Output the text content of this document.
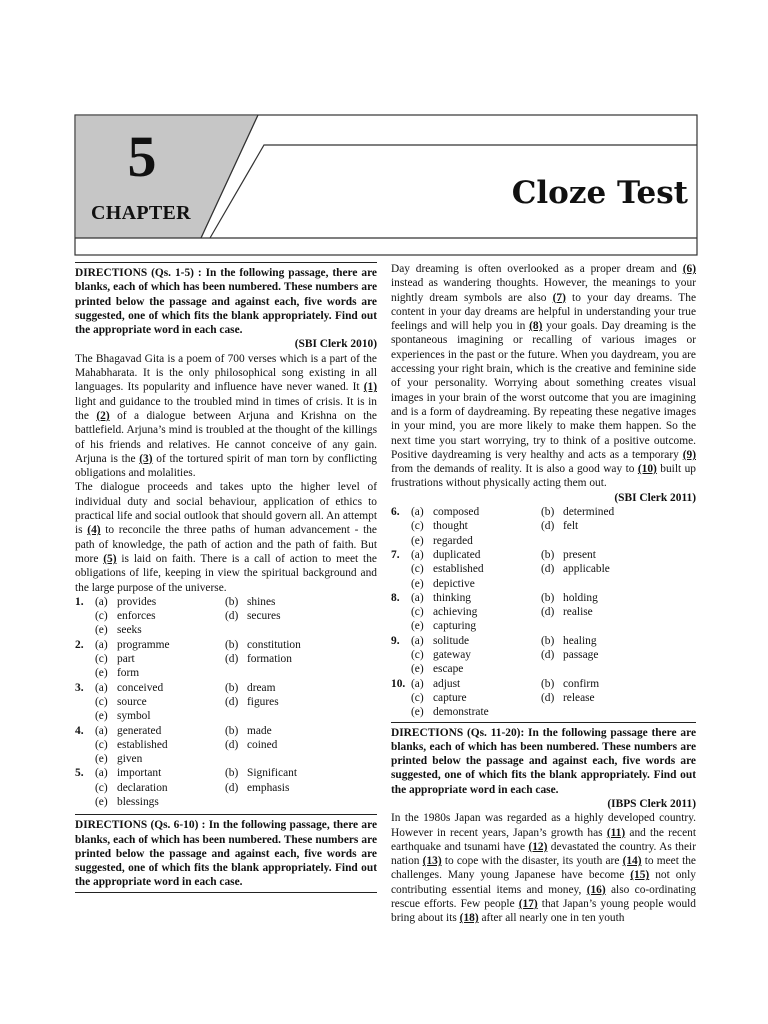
5
CHAPTER
Cloze Test
DIRECTIONS (Qs. 1-5) : In the following passage, there are blanks, each of which has been numbered. These numbers are printed below the passage and against each, five words are suggested, one of which fits the blank appropriately. Find out the appropriate word in each case.
(SBI Clerk 2010)

The Bhagavad Gita is a poem of 700 verses which is a part of the Mahabharata. It is the only philosophical song existing in all languages. Its popularity and influence have never waned. It (1) light and guidance to the troubled mind in times of crisis. It is in the (2) of a dialogue between Arjuna and Krishna on the battlefield. Arjuna’s mind is troubled at the thought of the killings of his friends and relatives. He cannot conceive of any gain. Arjuna is the (3) of the tortured spirit of man torn by conflicting obligations and molalities.

The dialogue proceeds and takes upto the higher level of individual duty and social behaviour, application of ethics to practical life and social outlook that should govern all. An attempt is (4) to reconcile the three paths of human advancement - the path of knowledge, the path of action and the path of faith. But more (5) is laid on faith. There is a call of action to meet the obligations of life, keeping in view the spiritual background and the large purpose of the universe.

1.	(a) provides	(b) shines
(c) enforces	(d) secures
(e) seeks
2.	(a) programme	(b) constitution
(c) part	(d) formation
(e) form
3.	(a) conceived	(b) dream
(c) source	(d) figures
(e) symbol
4.	(a) generated	(b) made
(c) established	(d) coined
(e) given
5.	(a) important	(b) Significant
(c) declaration	(d) emphasis
(e) blessings
DIRECTIONS (Qs. 6-10) : In the following passage, there are blanks, each of which has been numbered. These numbers are printed below the passage and against each, five words are suggested, one of which fits the blank appropriately. Find out the appropriate word in each case.

Day dreaming is often overlooked as a proper dream and (6) instead as wandering thoughts. However, the meanings to your nightly dream symbols are also (7) to your day dreams. The content in your day dreams are helpful in understanding your true feelings and will help you in (8) your goals. Day dreaming is the spontaneous imagining or recalling of various images or experiences in the past or the future. When you daydream, you are accessing your right brain, which is the creative and feminine side of your personality. Worrying about something creates visual images in your brain of the worst outcome that you are imagining and is a form of daydreaming. By repeating these negative images in your mind, you are more likely to make them happen. So the next time you start worrying, try to think of a positive outcome. Positive daydreaming is very healthy and acts as a temporary (9) from the demands of reality. It is also a good way to (10) built up frustrations without physically acting them out.

(SBI Clerk 2011)
6.	(a) composed	(b) determined
(c) thought	(d) felt
(e) regarded
7.	(a) duplicated	(b) present
(c) established	(d) applicable
(e) depictive
8.	(a) thinking	(b) holding
(c) achieving	(d) realise
(e) capturing
9.	(a) solitude	(b) healing
(c) gateway	(d) passage
(e) escape
10. (a) adjust	(b) confirm
(c) capture	(d) release
(e) demonstrate
DIRECTIONS (Qs. 11-20): In the following passage there are blanks, each of which has been numbered. These numbers are printed below the passage and against each, five words are suggested, one of which fits the blank appropriately. Find out the appropriate word in each case.
(IBPS Clerk 2011)

In the 1980s Japan was regarded as a highly developed country. However in recent years, Japan’s growth has (11) and the recent earthquake and tsunami have (12) devastated the country. As their nation (13) to cope with the disaster, its youth are (14) to meet the challenges. Many young Japanese have become (15) not only contributing essential items and money, (16) also co-ordinating rescue efforts. Few people (17) that Japan’s young people would bring about its (18) after all nearly one in ten youth
